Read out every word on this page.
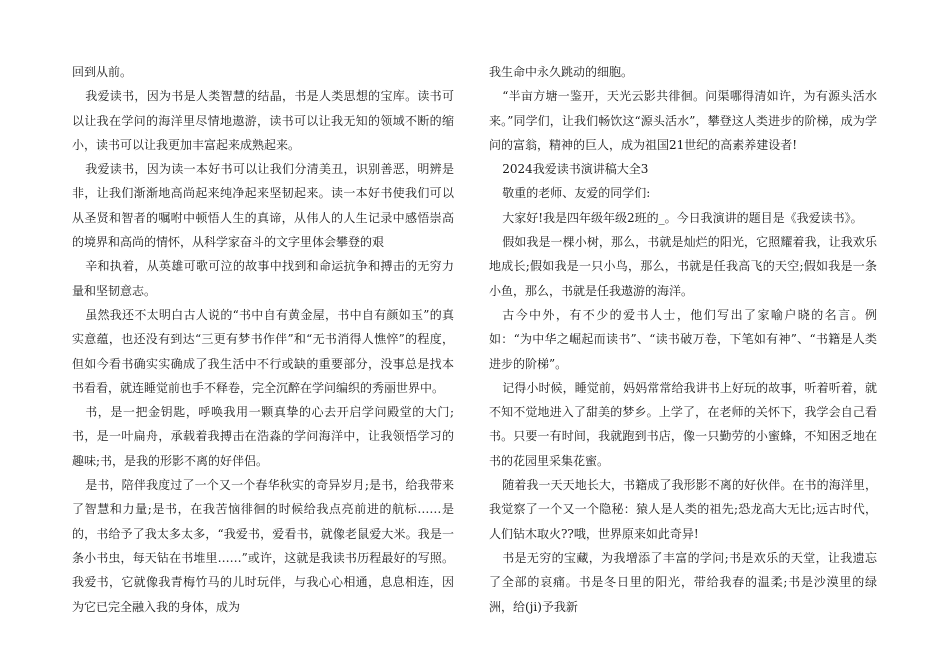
回到从前。

我爱读书，因为书是人类智慧的结晶，书是人类思想的宝库。读书可以让我在学问的海洋里尽情地遨游，读书可以让我无知的领域不断的缩小，读书可以让我更加丰富起来成熟起来。

我爱读书，因为读一本好书可以让我们分清美丑，识别善恶，明辨是非，让我们渐渐地高尚起来纯净起来坚韧起来。读一本好书使我们可以从圣贤和智者的嘱咐中顿悟人生的真谛，从伟人的人生记录中感悟崇高的境界和高尚的情怀，从科学家奋斗的文字里体会攀登的艰

辛和执着，从英雄可歌可泣的故事中找到和命运抗争和搏击的无穷力量和坚韧意志。

虽然我还不太明白古人说的“书中自有黄金屋，书中自有颜如玉”的真实意蕴，也还没有到达“三更有梦书作伴”和“无书消得人憔悴”的程度，但如今看书确实实确成了我生活中不行或缺的重要部分，没事总是找本书看看，就连睡觉前也手不释卷，完全沉醉在学问编织的秀丽世界中。

书，是一把金钥匙，呼唤我用一颗真挚的心去开启学问殿堂的大门;书，是一叶扁舟，承载着我搏击在浩淼的学问海洋中，让我领悟学习的趣味;书，是我的形影不离的好伴侣。

是书，陪伴我度过了一个又一个春华秋实的奇异岁月;是书，给我带来了智慧和力量;是书，在我苦恼徘徊的时候给我点亮前进的航标……是的，书给予了我太多太多，“我爱书，爱看书，就像老鼠爱大米。我是一条小书虫，每天钻在书堆里……”或许，这就是我读书历程最好的写照。我爱书，它就像我青梅竹马的儿时玩伴，与我心心相通，息息相连，因为它已完全融入我的身体，成为

我生命中永久跳动的细胞。

“半亩方塘一鉴开，天光云影共徘徊。问渠哪得清如许，为有源头活水来。”同学们，让我们畅饮这“源头活水”，攀登这人类进步的阶梯，成为学问的富翁，精神的巨人，成为祖国21世纪的高素养建设者!

2024我爱读书演讲稿大全3

敬重的老师、友爱的同学们:

大家好!我是四年级年级2班的_。今日我演讲的题目是《我爱读书》。

假如我是一棵小树，那么，书就是灿烂的阳光，它照耀着我，让我欢乐地成长;假如我是一只小鸟，那么，书就是任我高飞的天空;假如我是一条小鱼，那么，书就是任我遨游的海洋。

古今中外，有不少的爱书人士，他们写出了家喻户晓的名言。例如：“为中华之崛起而读书”、“读书破万卷，下笔如有神”、“书籍是人类进步的阶梯”。

记得小时候，睡觉前，妈妈常常给我讲书上好玩的故事，听着听着，就不知不觉地进入了甜美的梦乡。上学了，在老师的关怀下，我学会自己看书。只要一有时间，我就跑到书店，像一只勤劳的小蜜蜂，不知困乏地在书的花园里采集花蜜。

随着我一天天地长大，书籍成了我形影不离的好伙伴。在书的海洋里，我觉察了一个又一个隐秘：猿人是人类的祖先;恐龙高大无比;远古时代，人们钻木取火??哦，世界原来如此奇异!

书是无穷的宝藏，为我增添了丰富的学问;书是欢乐的天堂，让我遗忘了全部的哀痛。书是冬日里的阳光，带给我春的温柔;书是沙漠里的绿洲，给(ji)予我新
